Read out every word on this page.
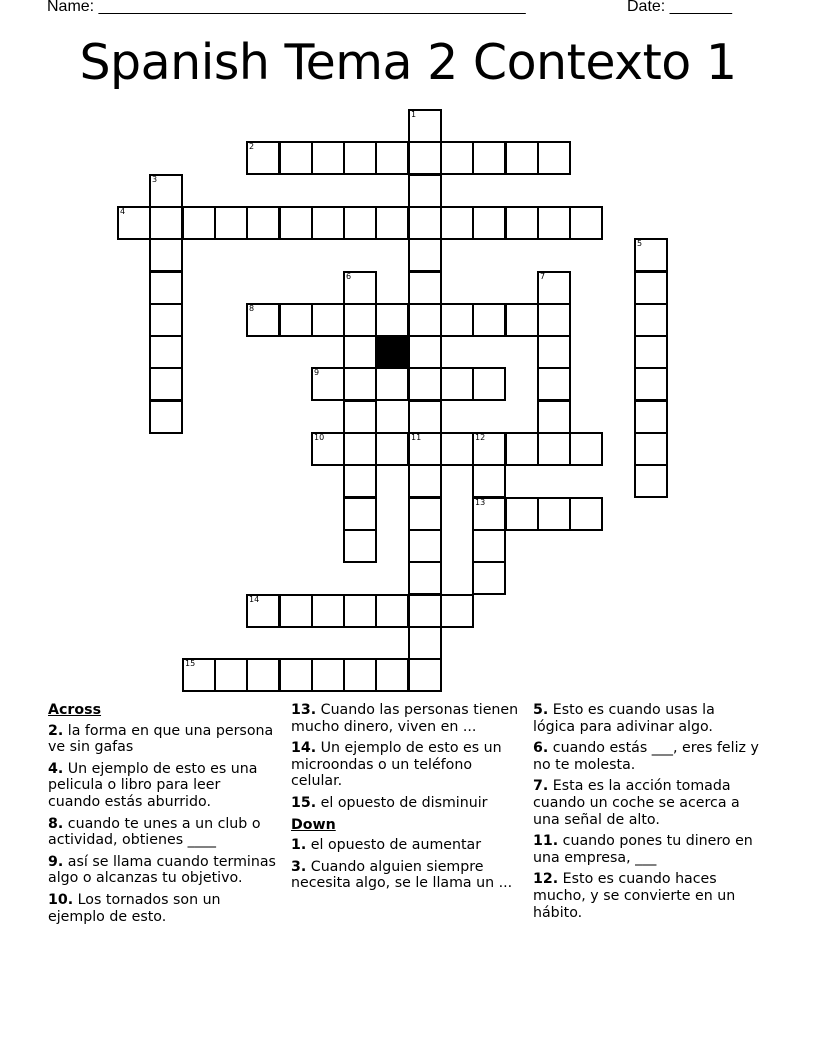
Name: ________________________________________________	Date: _______
Spanish Tema 2 Contexto 1
1
11
2
3
4
5
6	7
8
9
10	12
13
14
15
Across
2. la forma en que una persona ve sin gafas
4. Un ejemplo de esto es una pelicula o libro para leer cuando estás aburrido.
8. cuando te unes a un club o actividad, obtienes ____
9. así se llama cuando terminas algo o alcanzas tu objetivo.
10. Los tornados son un ejemplo de esto.
13. Cuando las personas tienen mucho dinero, viven en ...
14. Un ejemplo de esto es un microondas o un teléfono celular.
15. el opuesto de disminuir
Down
1. el opuesto de aumentar
3. Cuando alguien siempre necesita algo, se le llama un ...
5. Esto es cuando usas la lógica para adivinar algo.
6. cuando estás ___, eres feliz y no te molesta.
7. Esta es la acción tomada cuando un coche se acerca a una señal de alto.
11. cuando pones tu dinero en una empresa, ___
12. Esto es cuando haces mucho, y se convierte en un hábito.
